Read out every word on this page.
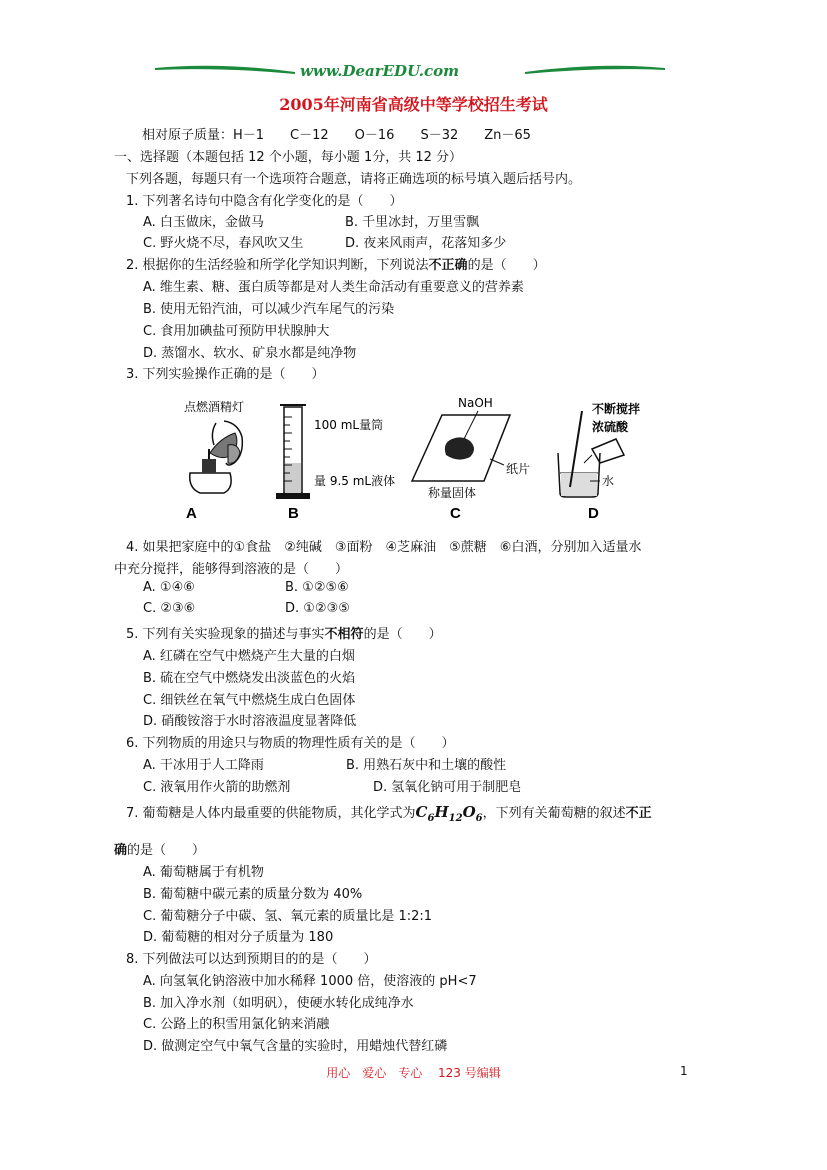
www.DearEDU.com
2005年河南省高级中等学校招生考试
相对原子质量：H－1　　C－12　　O－16　　S－32　　Zn－65
一、选择题（本题包括 12 个小题，每小题 1分，共 12 分）
下列各题，每题只有一个选项符合题意，请将正确选项的标号填入题后括号内。
1. 下列著名诗句中隐含有化学变化的是（　　）
A. 白玉做床，金做马	B. 千里冰封，万里雪飘
C. 野火烧不尽，春风吹又生	D. 夜来风雨声，花落知多少
2. 根据你的生活经验和所学化学知识判断，下列说法不正确的是（　　）
A. 维生素、糖、蛋白质等都是对人类生命活动有重要意义的营养素
B. 使用无铅汽油，可以减少汽车尾气的污染
C. 食用加碘盐可预防甲状腺肿大
D. 蒸馏水、软水、矿泉水都是纯净物
3. 下列实验操作正确的是（　　）
点燃酒精灯
A
100 mL量筒
量 9.5 mL液体
B
NaOH
纸片
称量固体
C
不断搅拌
浓硫酸
水
D
4. 如果把家庭中的①食盐　②纯碱　③面粉　④芝麻油　⑤蔗糖　⑥白酒，分别加入适量水
中充分搅拌，能够得到溶液的是（　　）
A. ①④⑥	B. ①②⑤⑥
C. ②③⑥	D. ①②③⑤
5. 下列有关实验现象的描述与事实不相符的是（　　）
A. 红磷在空气中燃烧产生大量的白烟
B. 硫在空气中燃烧发出淡蓝色的火焰
C. 细铁丝在氧气中燃烧生成白色固体
D. 硝酸铵溶于水时溶液温度显著降低
6. 下列物质的用途只与物质的物理性质有关的是（　　）
A. 干冰用于人工降雨	B. 用熟石灰中和土壤的酸性
C. 液氧用作火箭的助燃剂	D. 氢氧化钠可用于制肥皂
7. 葡萄糖是人体内最重要的供能物质，其化学式为$C_6H_{12}O_6$，下列有关葡萄糖的叙述不正
确的是（　　）
A. 葡萄糖属于有机物
B. 葡萄糖中碳元素的质量分数为 40%
C. 葡萄糖分子中碳、氢、氧元素的质量比是 1:2:1
D. 葡萄糖的相对分子质量为 180
8. 下列做法可以达到预期目的的是（　　）
A. 向氢氧化钠溶液中加水稀释 1000 倍，使溶液的 pH<7
B. 加入净水剂（如明矾），使硬水转化成纯净水
C. 公路上的积雪用氯化钠来消融
D. 做测定空气中氧气含量的实验时，用蜡烛代替红磷
用心　爱心　专心　 123 号编辑	1
